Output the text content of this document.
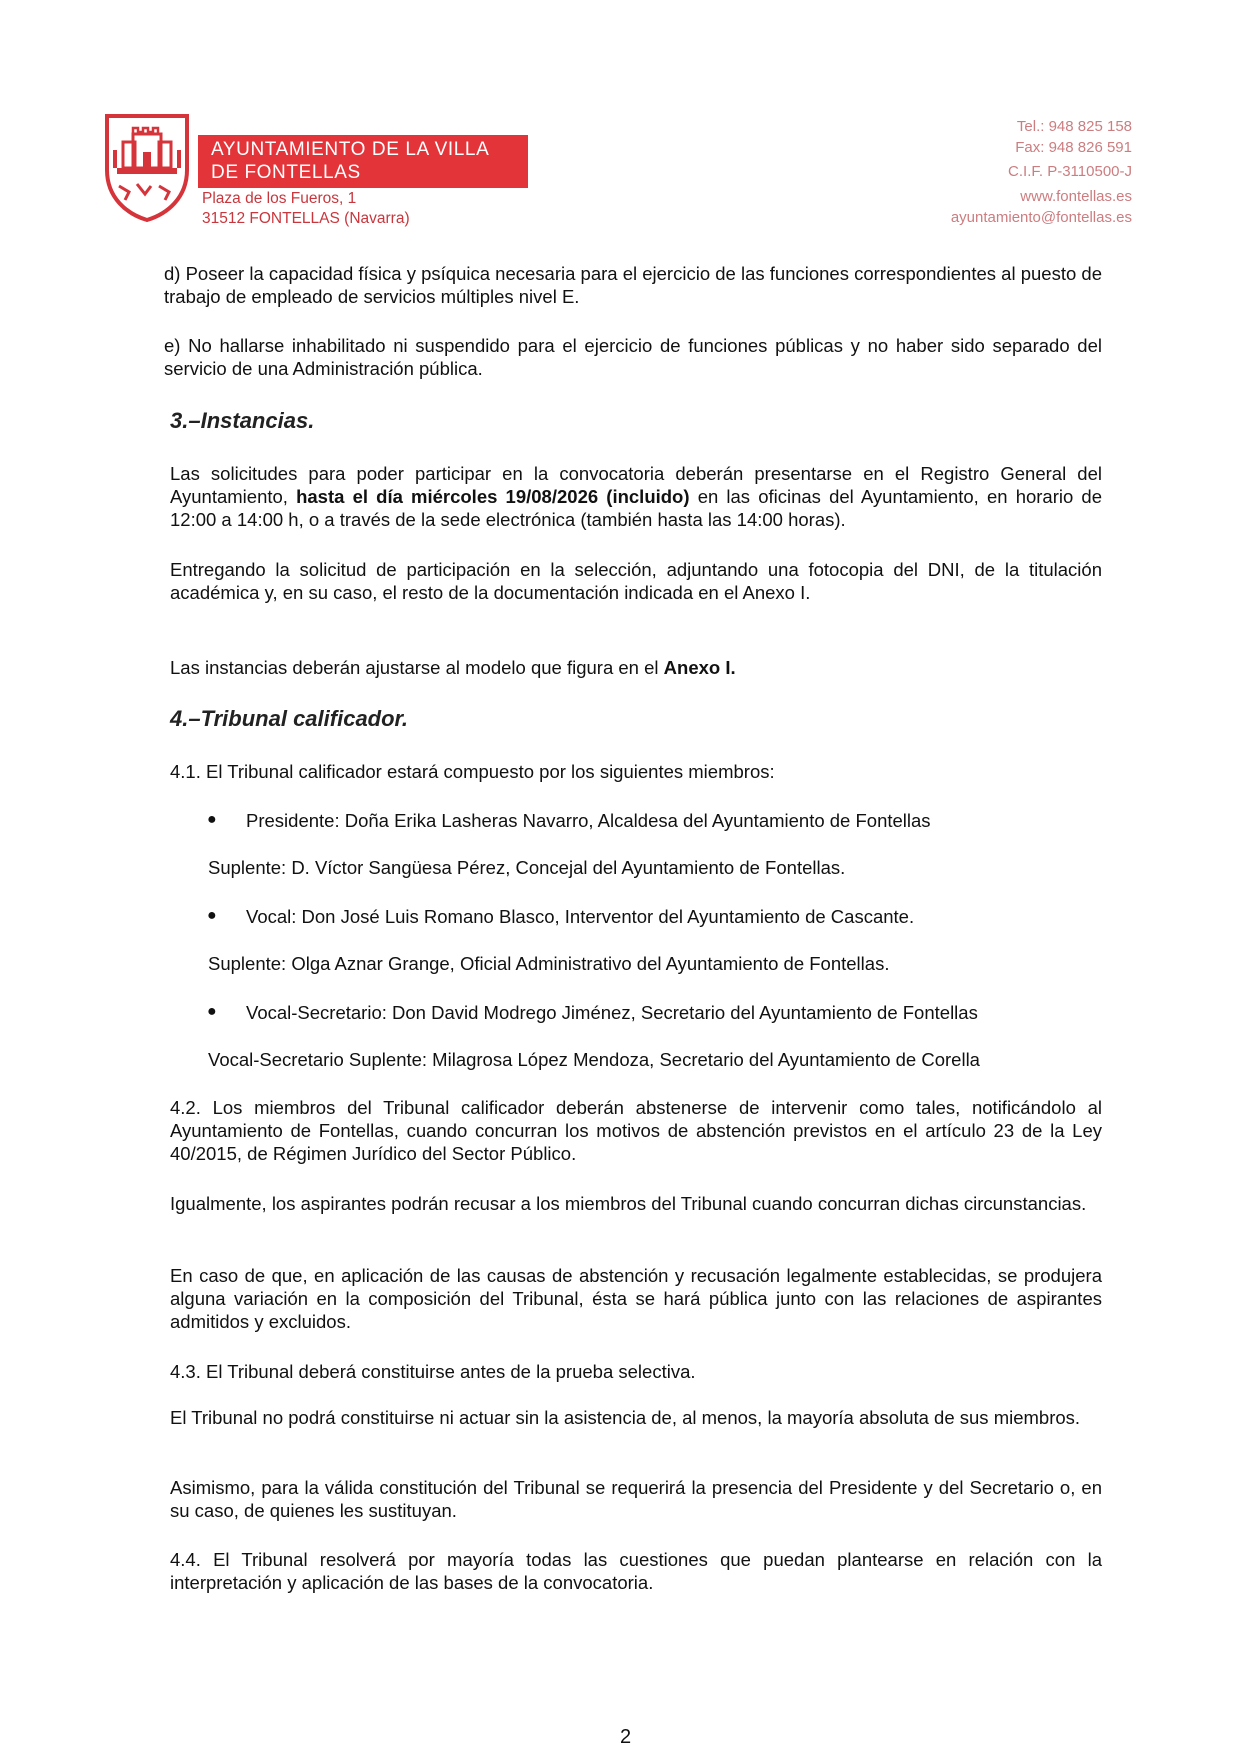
AYUNTAMIENTO DE LA VILLA
DE FONTELLAS
Plaza de los Fueros, 1
31512 FONTELLAS (Navarra)
Tel.: 948 825 158
Fax: 948 826 591
C.I.F. P-3110500-J
www.fontellas.es
ayuntamiento@fontellas.es
d) Poseer la capacidad física y psíquica necesaria para el ejercicio de las funciones correspondientes al puesto de trabajo de empleado de servicios múltiples nivel E.
e) No hallarse inhabilitado ni suspendido para el ejercicio de funciones públicas y no haber sido separado del servicio de una Administración pública.
3.–Instancias.
Las solicitudes para poder participar en la convocatoria deberán presentarse en el Registro General del Ayuntamiento, hasta el día miércoles 19/08/2026 (incluido) en las oficinas del Ayuntamiento, en horario de 12:00 a 14:00 h, o a través de la sede electrónica (también hasta las 14:00 horas).
Entregando la solicitud de participación en la selección, adjuntando una fotocopia del DNI, de la titulación académica y, en su caso, el resto de la documentación indicada en el Anexo I.
Las instancias deberán ajustarse al modelo que figura en el Anexo I.
4.–Tribunal calificador.
4.1. El Tribunal calificador estará compuesto por los siguientes miembros:
● Presidente: Doña Erika Lasheras Navarro, Alcaldesa del Ayuntamiento de Fontellas
Suplente: D. Víctor Sangüesa Pérez, Concejal del Ayuntamiento de Fontellas.
● Vocal: Don José Luis Romano Blasco, Interventor del Ayuntamiento de Cascante.
Suplente: Olga Aznar Grange, Oficial Administrativo del Ayuntamiento de Fontellas.
● Vocal-Secretario: Don David Modrego Jiménez, Secretario del Ayuntamiento de Fontellas
Vocal-Secretario Suplente: Milagrosa López Mendoza, Secretario del Ayuntamiento de Corella
4.2. Los miembros del Tribunal calificador deberán abstenerse de intervenir como tales, notificándolo al Ayuntamiento de Fontellas, cuando concurran los motivos de abstención previstos en el artículo 23 de la Ley 40/2015, de Régimen Jurídico del Sector Público.
Igualmente, los aspirantes podrán recusar a los miembros del Tribunal cuando concurran dichas circunstancias.
En caso de que, en aplicación de las causas de abstención y recusación legalmente establecidas, se produjera alguna variación en la composición del Tribunal, ésta se hará pública junto con las relaciones de aspirantes admitidos y excluidos.
4.3. El Tribunal deberá constituirse antes de la prueba selectiva.
El Tribunal no podrá constituirse ni actuar sin la asistencia de, al menos, la mayoría absoluta de sus miembros.
Asimismo, para la válida constitución del Tribunal se requerirá la presencia del Presidente y del Secretario o, en su caso, de quienes les sustituyan.
4.4. El Tribunal resolverá por mayoría todas las cuestiones que puedan plantearse en relación con la interpretación y aplicación de las bases de la convocatoria.
2
